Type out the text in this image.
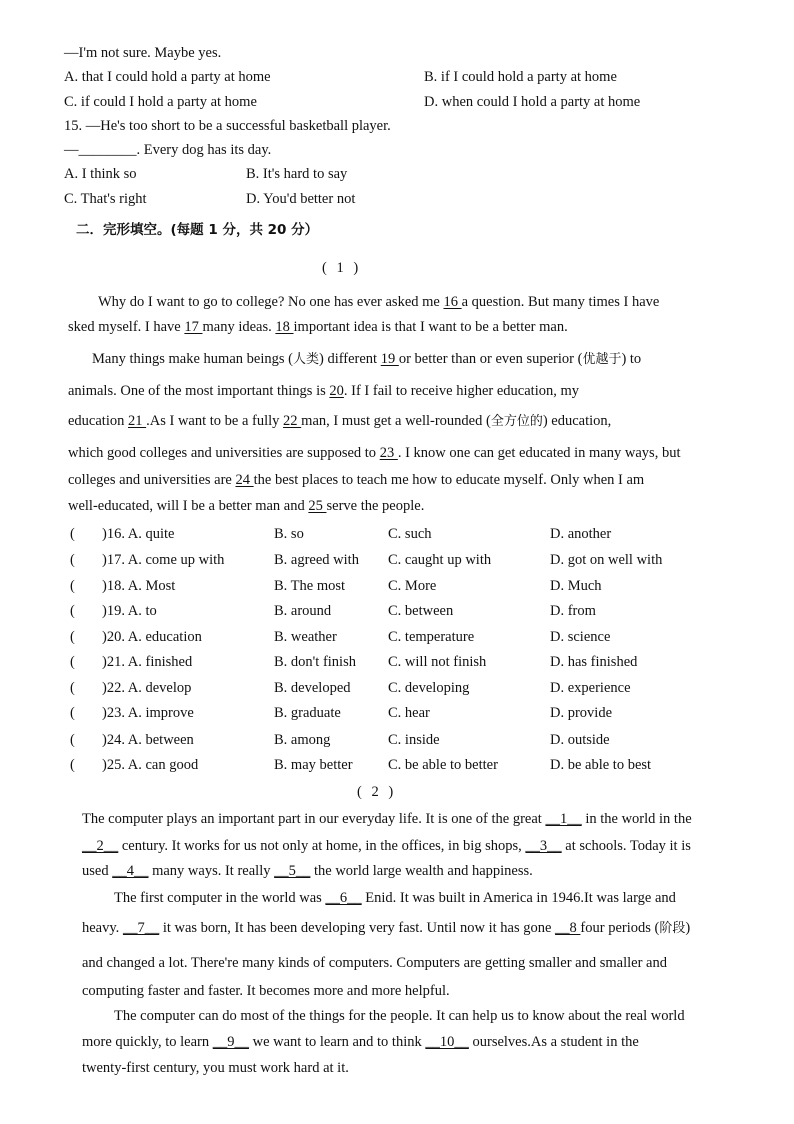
—I'm not sure. Maybe yes.
A. that I could hold a party at home	B. if I could hold a party at home
C. if could I hold a party at home	D. when could I hold a party at home
15. —He's too short to be a successful basketball player.
—________. Every dog has its day.
A. I think so	B. It's hard to say
C. That's right	D. You'd better not
二．完形填空。(每题 1 分，共 20 分）
( 1 )
Why do I want to go to college? No one has ever asked me 16 a question. But many times I have
sked myself. I have 17 many ideas. 18 important idea is that I want to be a better man.
Many things make human beings (人类) different 19 or better than or even superior (优越于) to
animals. One of the most important things is 20. If I fail to receive higher education, my
education 21 .As I want to be a fully 22 man, I must get a well-rounded (全方位的) education,
which good colleges and universities are supposed to 23 . I know one can get educated in many ways, but
colleges and universities are 24 the best places to teach me how to educate myself. Only when I am
well-educated, will I be a better man and 25 serve the people.
( )16. A. quite	B. so	C. such	D. another
( )17. A. come up with	B. agreed with C. caught up with	D. got on well with
( )18. A. Most	B. The most	C. More	D. Much
( )19. A. to	B. around	C. between	D. from
( )20. A. education	B. weather	C. temperature	D. science
( )21. A. finished	B. don't finish C. will not finish	D. has finished
( )22. A. develop	B. developed	C. developing	D. experience
( )23. A. improve	B. graduate	C. hear	D. provide
( )24. A. between	B. among	C. inside	D. outside
( )25. A. can good	B. may better C. be able to better	D. be able to best
( 2 )
The computer plays an important part in our everyday life. It is one of the great __1__ in the world in the
__2__ century. It works for us not only at home, in the offices, in big shops, __3__ at schools. Today it is
used __4__ many ways. It really __5__ the world large wealth and happiness.
The first computer in the world was __6__ Enid. It was built in America in 1946.It was large and
heavy. __7__ it was born, It has been developing very fast. Until now it has gone __8 four periods (阶段)
and changed a lot. There're many kinds of computers. Computers are getting smaller and smaller and
computing faster and faster. It becomes more and more helpful.
The computer can do most of the things for the people. It can help us to know about the real world
more quickly, to learn __9__ we want to learn and to think __10__ ourselves.As a student in the
twenty-first century, you must work hard at it.
